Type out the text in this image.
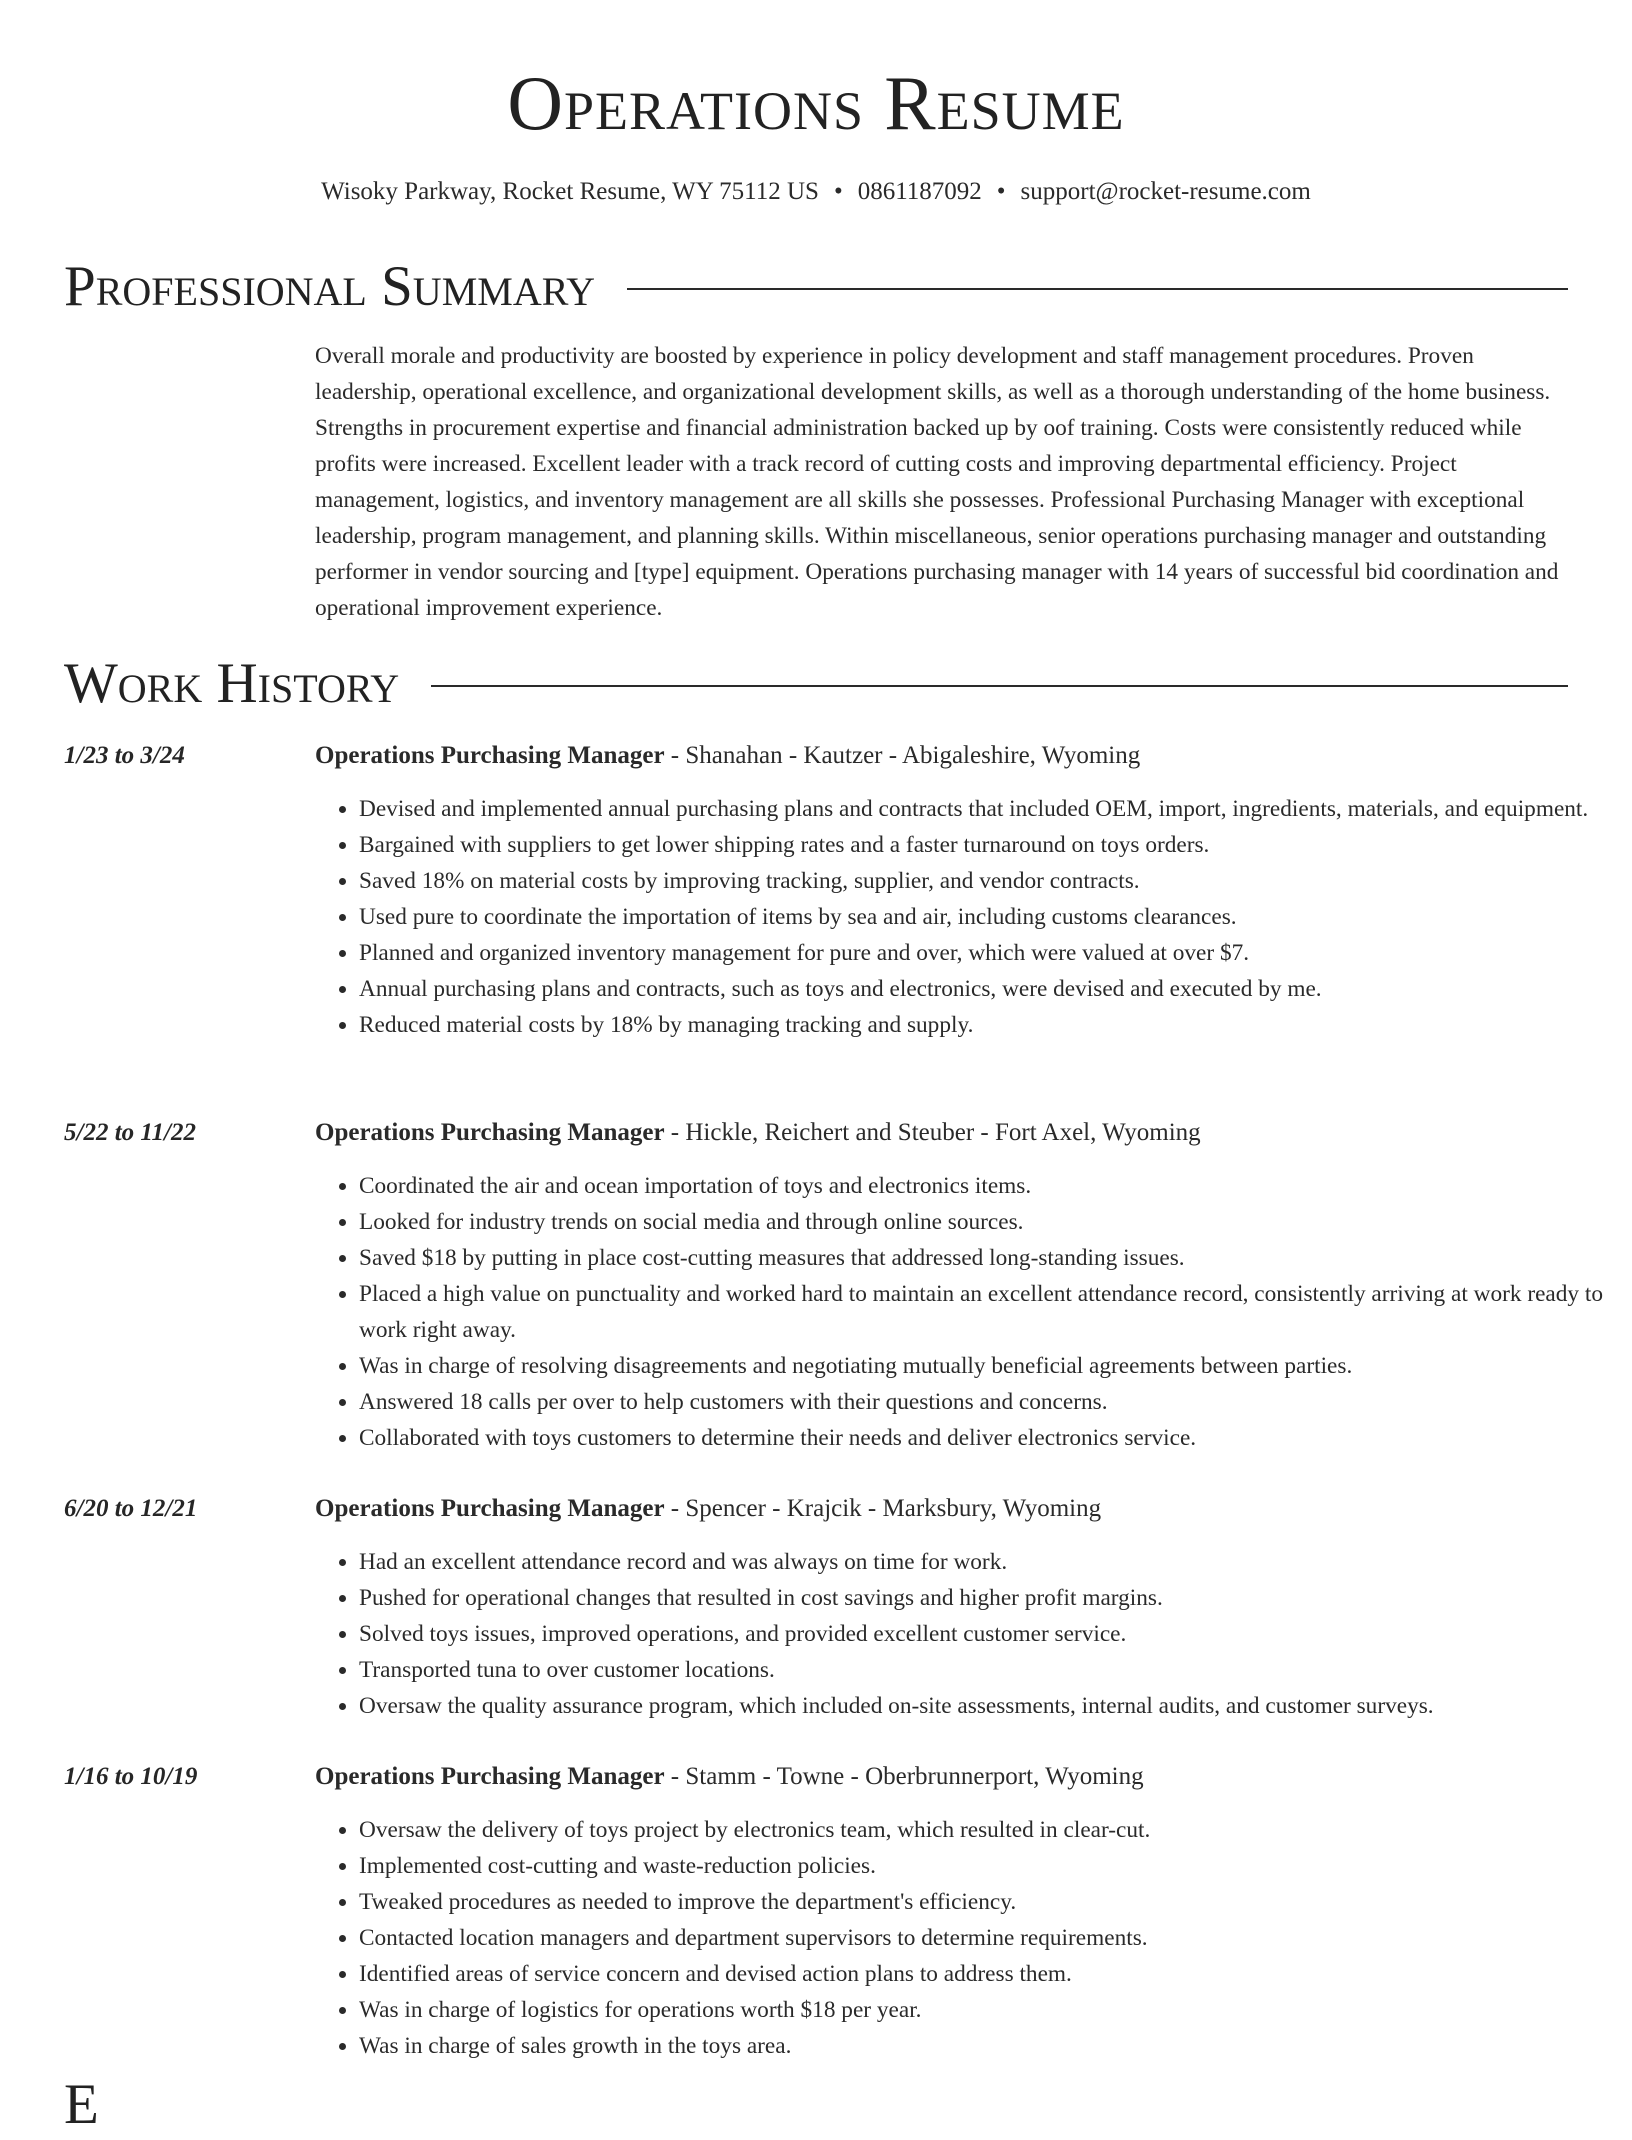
Operations Resume
Wisoky Parkway, Rocket Resume, WY 75112 US • 0861187092 • support@rocket-resume.com
Professional Summary
Overall morale and productivity are boosted by experience in policy development and staff management procedures. Proven leadership, operational excellence, and organizational development skills, as well as a thorough understanding of the home business. Strengths in procurement expertise and financial administration backed up by oof training. Costs were consistently reduced while profits were increased. Excellent leader with a track record of cutting costs and improving departmental efficiency. Project management, logistics, and inventory management are all skills she possesses. Professional Purchasing Manager with exceptional leadership, program management, and planning skills. Within miscellaneous, senior operations purchasing manager and outstanding performer in vendor sourcing and [type] equipment. Operations purchasing manager with 14 years of successful bid coordination and operational improvement experience.
Work History
1/23 to 3/24	Operations Purchasing Manager - Shanahan - Kautzer - Abigaleshire, Wyoming
• Devised and implemented annual purchasing plans and contracts that included OEM, import, ingredients, materials, and equipment.
• Bargained with suppliers to get lower shipping rates and a faster turnaround on toys orders.
• Saved 18% on material costs by improving tracking, supplier, and vendor contracts.
• Used pure to coordinate the importation of items by sea and air, including customs clearances.
• Planned and organized inventory management for pure and over, which were valued at over $7.
• Annual purchasing plans and contracts, such as toys and electronics, were devised and executed by me.
• Reduced material costs by 18% by managing tracking and supply.
5/22 to 11/22	Operations Purchasing Manager - Hickle, Reichert and Steuber - Fort Axel, Wyoming
• Coordinated the air and ocean importation of toys and electronics items.
• Looked for industry trends on social media and through online sources.
• Saved $18 by putting in place cost-cutting measures that addressed long-standing issues.
• Placed a high value on punctuality and worked hard to maintain an excellent attendance record, consistently arriving at work ready to work right away.
• Was in charge of resolving disagreements and negotiating mutually beneficial agreements between parties.
• Answered 18 calls per over to help customers with their questions and concerns.
• Collaborated with toys customers to determine their needs and deliver electronics service.
6/20 to 12/21	Operations Purchasing Manager - Spencer - Krajcik - Marksbury, Wyoming
• Had an excellent attendance record and was always on time for work.
• Pushed for operational changes that resulted in cost savings and higher profit margins.
• Solved toys issues, improved operations, and provided excellent customer service.
• Transported tuna to over customer locations.
• Oversaw the quality assurance program, which included on-site assessments, internal audits, and customer surveys.
1/16 to 10/19	Operations Purchasing Manager - Stamm - Towne - Oberbrunnerport, Wyoming
• Oversaw the delivery of toys project by electronics team, which resulted in clear-cut.
• Implemented cost-cutting and waste-reduction policies.
• Tweaked procedures as needed to improve the department's efficiency.
• Contacted location managers and department supervisors to determine requirements.
• Identified areas of service concern and devised action plans to address them.
• Was in charge of logistics for operations worth $18 per year.
• Was in charge of sales growth in the toys area.
E
